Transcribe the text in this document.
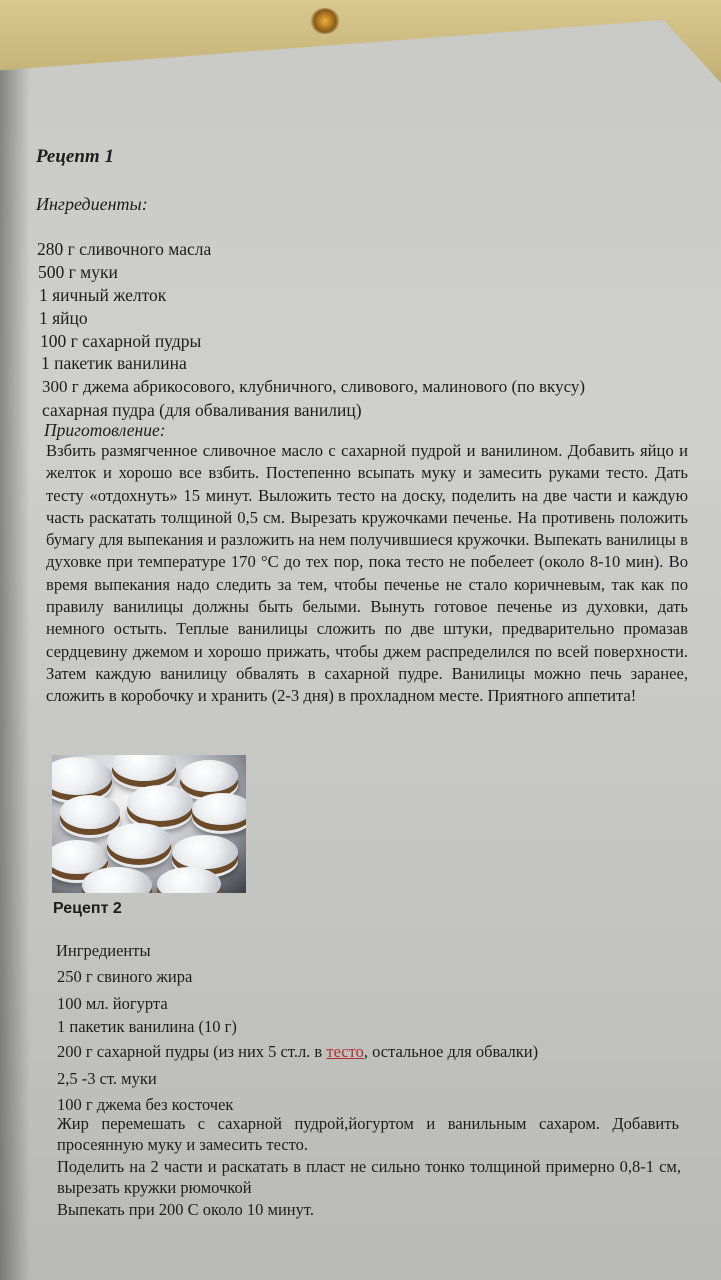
Рецепт 1
Ингредиенты:
280 г сливочного масла
500 г муки
1 яичный желток
1 яйцо
100 г сахарной пудры
1 пакетик ванилина
300 г джема абрикосового, клубничного, сливового, малинового (по вкусу)
сахарная пудра (для обваливания ванилиц)
Приготовление:
Взбить размягченное сливочное масло с сахарной пудрой и ванилином. Добавить яйцо и желток и хорошо все взбить. Постепенно всыпать муку и замесить руками тесто. Дать тесту «отдохнуть» 15 минут. Выложить тесто на доску, поделить на две части и каждую часть раскатать толщиной 0,5 см. Вырезать кружочками печенье. На противень положить бумагу для выпекания и разложить на нем получившиеся кружочки. Выпекать ванилицы в духовке при температуре 170 °С до тех пор, пока тесто не побелеет (около 8-10 мин). Во время выпекания надо следить за тем, чтобы печенье не стало коричневым, так как по правилу ванилицы должны быть белыми. Вынуть готовое печенье из духовки, дать немного остыть. Теплые ванилицы сложить по две штуки, предварительно промазав сердцевину джемом и хорошо прижать, чтобы джем распределился по всей поверхности. Затем каждую ванилицу обвалять в сахарной пудре. Ванилицы можно печь заранее, сложить в коробочку и хранить (2-3 дня) в прохладном месте. Приятного аппетита!
Рецепт 2
Ингредиенты
250 г свиного жира
100 мл. йогурта
1 пакетик ванилина (10 г)
200 г сахарной пудры (из них 5 ст.л. в тесто, остальное для обвалки)
2,5 -3 ст. муки
100 г джема без косточек
Жир перемешать с сахарной пудрой,йогуртом и ванильным сахаром. Добавить просеянную муку и замесить тесто.
Поделить на 2 части и раскатать в пласт не сильно тонко толщиной примерно 0,8-1 см, вырезать кружки рюмочкой
Выпекать при 200 С около 10 минут.
